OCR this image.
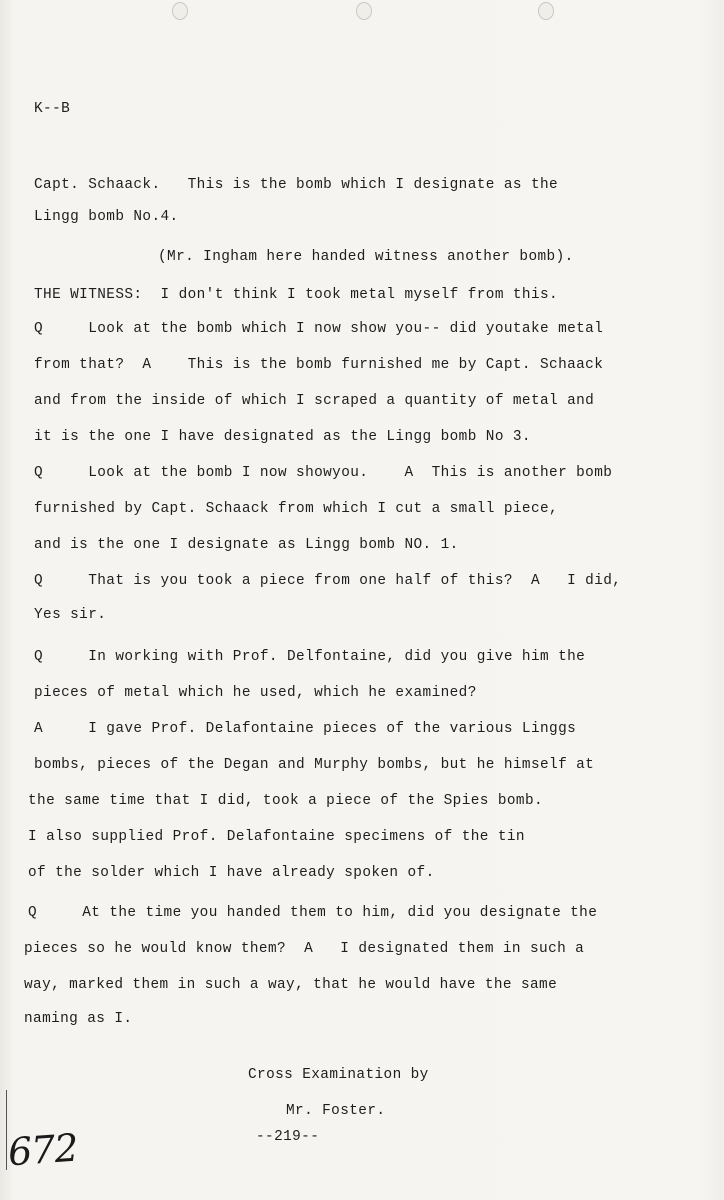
K--B
Capt. Schaack.   This is the bomb which I designate as the
Lingg bomb No.4.
(Mr. Ingham here handed witness another bomb).
THE WITNESS:  I don't think I took metal myself from this.
Q     Look at the bomb which I now show you-- did youtake metal
from that?  A    This is the bomb furnished me by Capt. Schaack
and from the inside of which I scraped a quantity of metal and
it is the one I have designated as the Lingg bomb No 3.
Q     Look at the bomb I now showyou.    A  This is another bomb
furnished by Capt. Schaack from which I cut a small piece,
and is the one I designate as Lingg bomb NO. 1.
Q     That is you took a piece from one half of this?  A   I did,
Yes sir.
Q     In working with Prof. Delfontaine, did you give him the
pieces of metal which he used, which he examined?
A     I gave Prof. Delafontaine pieces of the various Linggs
bombs, pieces of the Degan and Murphy bombs, but he himself at
the same time that I did, took a piece of the Spies bomb.
I also supplied Prof. Delafontaine specimens of the tin
of the solder which I have already spoken of.
Q     At the time you handed them to him, did you designate the
pieces so he would know them?  A   I designated them in such a
way, marked them in such a way, that he would have the same
naming as I.
Cross Examination by
Mr. Foster.
--219--
672
